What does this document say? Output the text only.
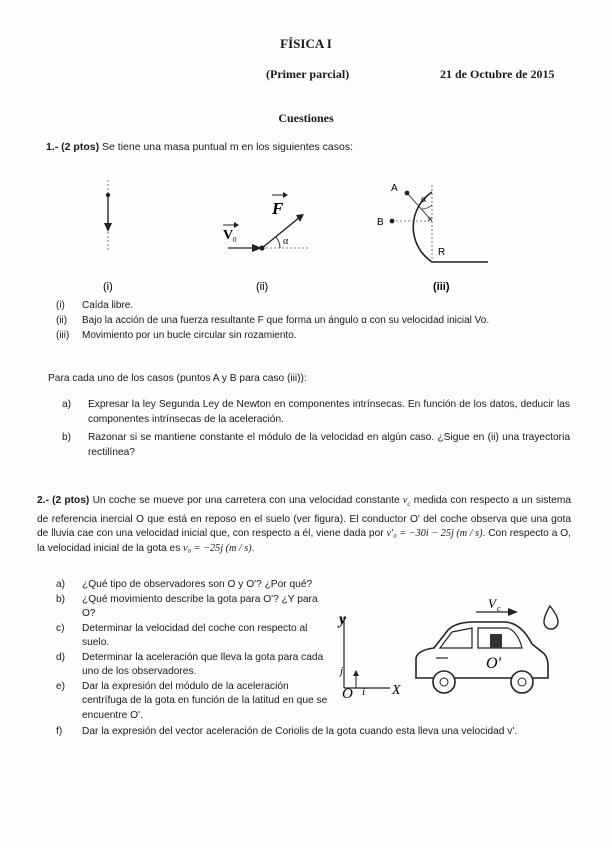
FÍSICA I
(Primer parcial)	21 de Octubre de 2015
Cuestiones
1.- (2 ptos) Se tiene una masa puntual m en los siguientes casos:
F
V 0	α
×
A
B
α
R
(i)	(ii)	(iii)
(i) Caída libre.
(ii) Bajo la acción de una fuerza resultante F que forma un ángulo α con su velocidad inicial Vo.
(iii) Movimiento por un bucle circular sin rozamiento.
Para cada uno de los casos (puntos A y B para caso (iii)):
a) Expresar la ley Segunda Ley de Newton en componentes intrínsecas. En función de los datos, deducir las componentes intrínsecas de la aceleración.
b) Razonar si se mantiene constante el módulo de la velocidad en algún caso. ¿Sigue en (ii) una trayectoria rectilínea?
2.- (2 ptos) Un coche se mueve por una carretera con una velocidad constante $v_c$ medida con respecto a un sistema de referencia inercial O que está en reposo en el suelo (ver figura). El conductor O' del coche observa que una gota de lluvia cae con una velocidad inicial que, con respecto a él, viene dada por v'₀ = −30i − 25j (m / s). Con respecto a O, la velocidad inicial de la gota es v₀ = −25j (m / s).
a) ¿Qué tipo de observadores son O y O'? ¿Por qué?
b) ¿Qué movimiento describe la gota para O'? ¿Y para O?
c) Determinar la velocidad del coche con respecto al suelo.
d) Determinar la aceleración que lleva la gota para cada uno de los observadores.
e) Dar la expresión del módulo de la aceleración centrífuga de la gota en función de la latitud en que se encuentre O'.
f) Dar la expresión del vector aceleración de Coriolis de la gota cuando esta lleva una velocidad v'.
y
X
O i
j	O'
V c
